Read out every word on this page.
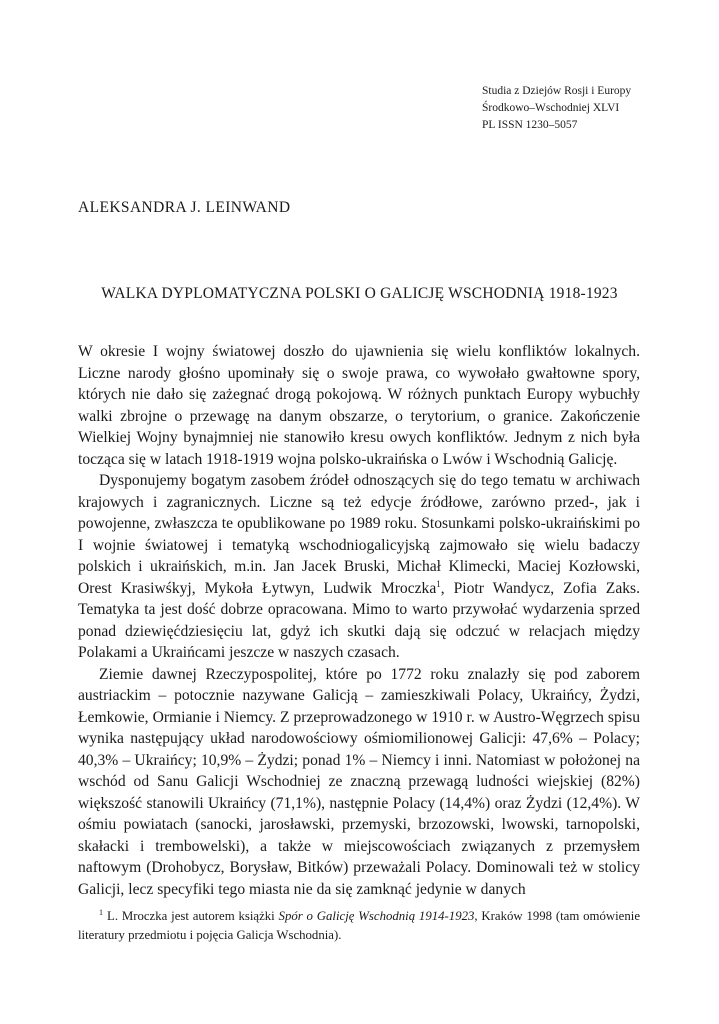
Studia z Dziejów Rosji i Europy
Środkowo–Wschodniej XLVI
PL ISSN 1230–5057
ALEKSANDRA J. LEINWAND
WALKA DYPLOMATYCZNA POLSKI O GALICJĘ WSCHODNIĄ 1918‑1923

W okresie I wojny światowej doszło do ujawnienia się wielu konfliktów lokalnych. Liczne narody głośno upominały się o swoje prawa, co wywołało gwałtowne spory, których nie dało się zażegnać drogą pokojową. W różnych punktach Europy wybuchły walki zbrojne o przewagę na danym obszarze, o terytorium, o granice. Zakończenie Wielkiej Wojny bynajmniej nie stanowiło kresu owych konfliktów. Jednym z nich była tocząca się w latach 1918-1919 wojna polsko-ukraińska o Lwów i Wschodnią Galicję.

Dysponujemy bogatym zasobem źródeł odnoszących się do tego tematu w archiwach krajowych i zagranicznych. Liczne są też edycje źródłowe, zarówno przed-, jak i powojenne, zwłaszcza te opublikowane po 1989 roku. Stosunkami polsko-ukraińskimi po I wojnie światowej i tematyką wschodniogalicyjską zajmowało się wielu badaczy polskich i ukraińskich, m.in. Jan Jacek Bruski, Michał Klimecki, Maciej Kozłowski, Orest Krasiwśkyj, Mykoła Łytwyn, Ludwik Mroczka$^1$, Piotr Wandycz, Zofia Zaks. Tematyka ta jest dość dobrze opracowana. Mimo to warto przywołać wydarzenia sprzed ponad dziewięćdziesięciu lat, gdyż ich skutki dają się odczuć w relacjach między Polakami a Ukraińcami jeszcze w naszych czasach.

Ziemie dawnej Rzeczypospolitej, które po 1772 roku znalazły się pod zaborem austriackim – potocznie nazywane Galicją – zamieszkiwali Polacy, Ukraińcy, Żydzi, Łemkowie, Ormianie i Niemcy. Z przeprowadzonego w 1910 r. w Austro-Węgrzech spisu wynika następujący układ narodowościowy ośmiomilionowej Galicji: 47,6% – Polacy; 40,3% – Ukraińcy; 10,9% – Żydzi; ponad 1% – Niemcy i inni. Natomiast w położonej na wschód od Sanu Galicji Wschodniej ze znaczną przewagą ludności wiejskiej (82%) większość stanowili Ukraińcy (71,1%), następnie Polacy (14,4%) oraz Żydzi (12,4%). W ośmiu powiatach (sanocki, jarosławski, przemyski, brzozowski, lwowski, tarnopolski, skałacki i trembowelski), a także w miejscowościach związanych z przemysłem naftowym (Drohobycz, Borysław, Bitków) przeważali Polacy. Dominowali też w stolicy Galicji, lecz specyfiki tego miasta nie da się zamknąć jedynie w danych

$^1$ L. Mroczka jest autorem książki Spór o Galicję Wschodnią 1914-1923, Kraków 1998 (tam omówienie literatury przedmiotu i pojęcia Galicja Wschodnia).
